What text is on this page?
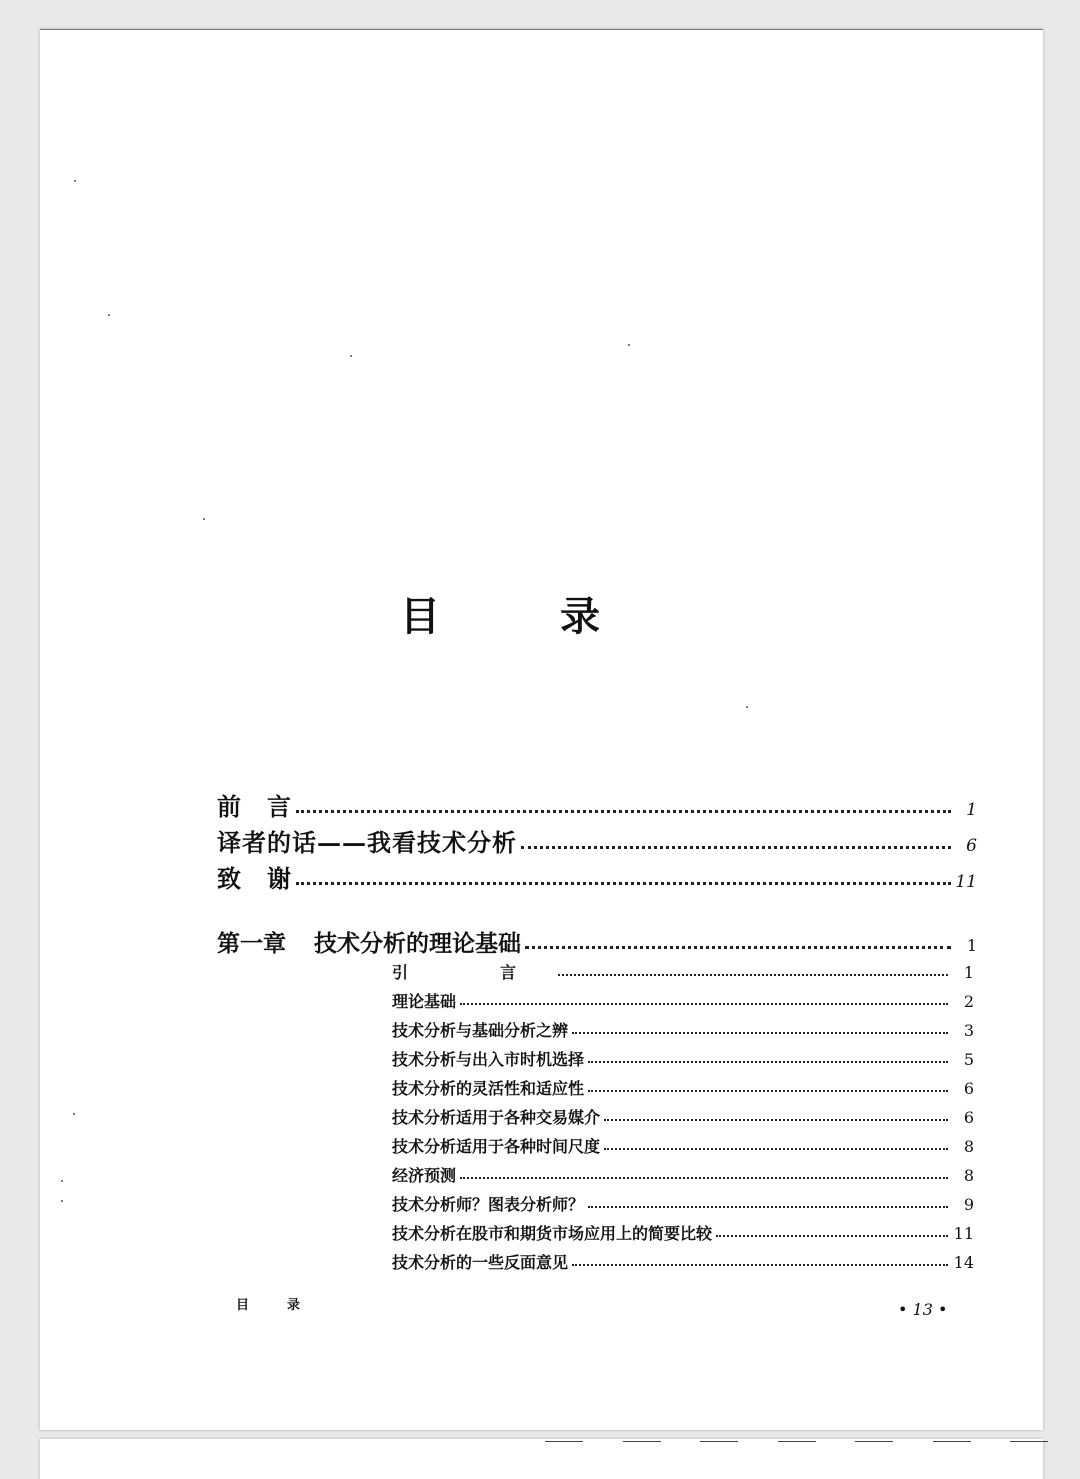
目	录
前　言	1
译者的话——我看技术分析	6
致　谢	11
第一章 技术分析的理论基础	1
引　言	1
理论基础	2
技术分析与基础分析之辨	3
技术分析与出入市时机选择	5
技术分析的灵活性和适应性	6
技术分析适用于各种交易媒介	6
技术分析适用于各种时间尺度	8
经济预测	8
技术分析师？图表分析师？	9
技术分析在股市和期货市场应用上的简要比较	11
技术分析的一些反面意见	14
目录	• 13 •
